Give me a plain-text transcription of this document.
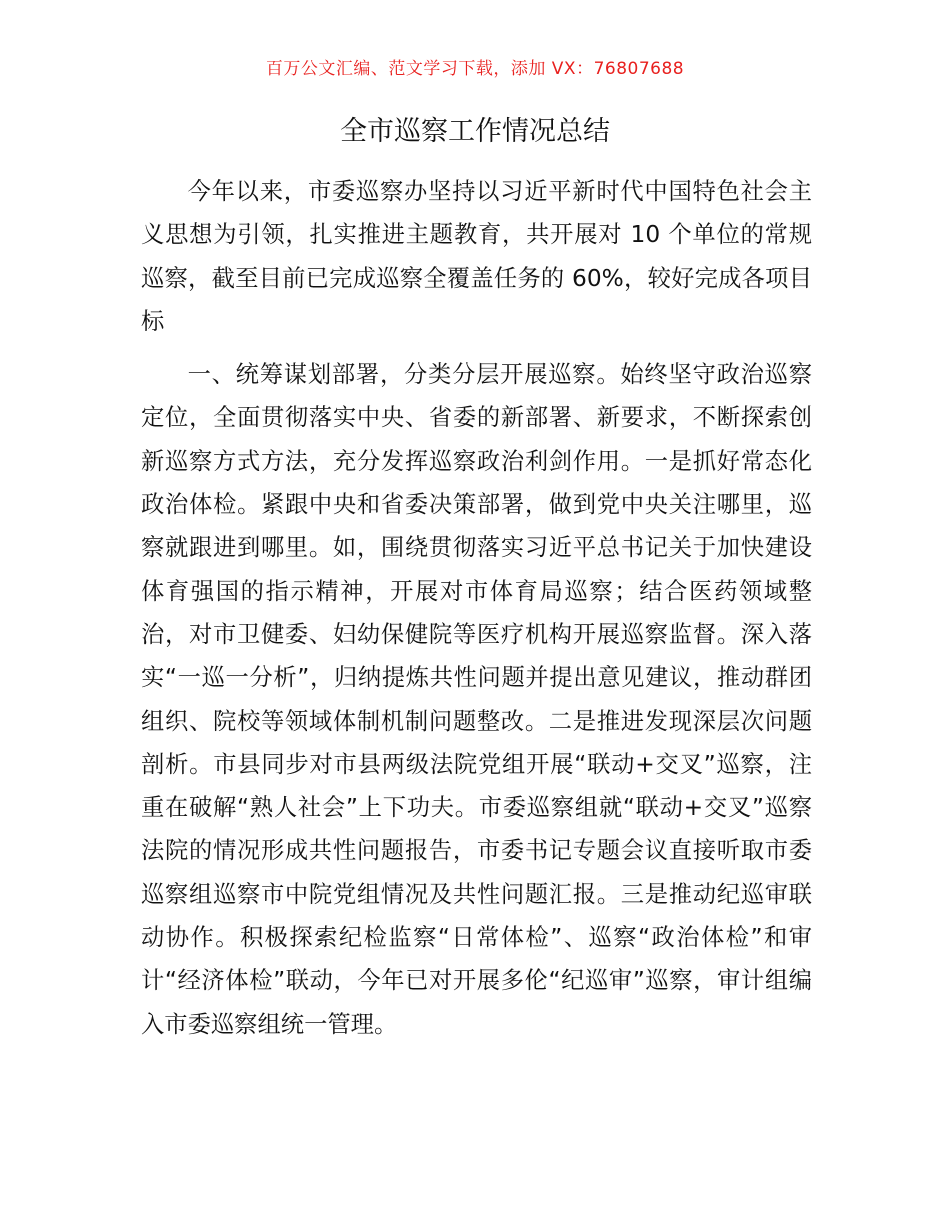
百万公文汇编、范文学习下载，添加 VX：76807688
全市巡察工作情况总结

今年以来，市委巡察办坚持以习近平新时代中国特色社会主义思想为引领，扎实推进主题教育，共开展对 10 个单位的常规巡察，截至目前已完成巡察全覆盖任务的 60%，较好完成各项目标

一、统筹谋划部署，分类分层开展巡察。始终坚守政治巡察定位，全面贯彻落实中央、省委的新部署、新要求，不断探索创新巡察方式方法，充分发挥巡察政治利剑作用。一是抓好常态化政治体检。紧跟中央和省委决策部署，做到党中央关注哪里，巡察就跟进到哪里。如，围绕贯彻落实习近平总书记关于加快建设体育强国的指示精神，开展对市体育局巡察；结合医药领域整治，对市卫健委、妇幼保健院等医疗机构开展巡察监督。深入落实“一巡一分析”，归纳提炼共性问题并提出意见建议，推动群团组织、院校等领域体制机制问题整改。二是推进发现深层次问题剖析。市县同步对市县两级法院党组开展“联动+交叉”巡察，注重在破解“熟人社会”上下功夫。市委巡察组就“联动+交叉”巡察法院的情况形成共性问题报告，市委书记专题会议直接听取市委巡察组巡察市中院党组情况及共性问题汇报。三是推动纪巡审联动协作。积极探索纪检监察“日常体检”、巡察“政治体检”和审计“经济体检”联动，今年已对开展多伦“纪巡审”巡察，审计组编入市委巡察组统一管理。
